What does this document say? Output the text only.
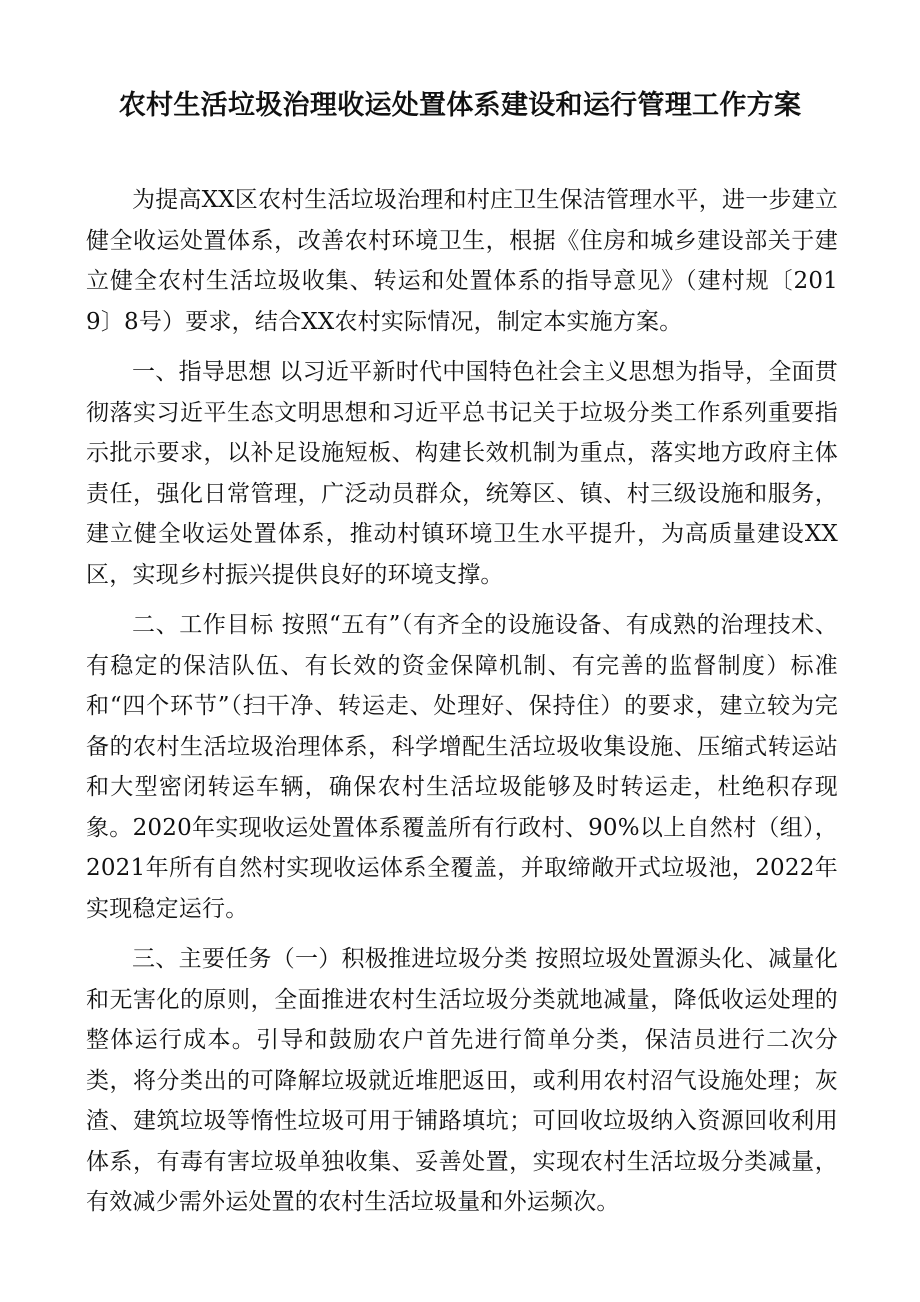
农村生活垃圾治理收运处置体系建设和运行管理工作方案

为提高XX区农村生活垃圾治理和村庄卫生保洁管理水平，进一步建立健全收运处置体系，改善农村环境卫生，根据《住房和城乡建设部关于建立健全农村生活垃圾收集、转运和处置体系的指导意见》（建村规〔2019〕8号）要求，结合XX农村实际情况，制定本实施方案。

一、指导思想 以习近平新时代中国特色社会主义思想为指导，全面贯彻落实习近平生态文明思想和习近平总书记关于垃圾分类工作系列重要指示批示要求，以补足设施短板、构建长效机制为重点，落实地方政府主体责任，强化日常管理，广泛动员群众，统筹区、镇、村三级设施和服务，建立健全收运处置体系，推动村镇环境卫生水平提升，为高质量建设XX区，实现乡村振兴提供良好的环境支撑。

二、工作目标 按照“五有”（有齐全的设施设备、有成熟的治理技术、有稳定的保洁队伍、有长效的资金保障机制、有完善的监督制度）标准和“四个环节”（扫干净、转运走、处理好、保持住）的要求，建立较为完备的农村生活垃圾治理体系，科学增配生活垃圾收集设施、压缩式转运站和大型密闭转运车辆，确保农村生活垃圾能够及时转运走，杜绝积存现象。2020年实现收运处置体系覆盖所有行政村、90%以上自然村（组），2021年所有自然村实现收运体系全覆盖，并取缔敞开式垃圾池，2022年实现稳定运行。

三、主要任务（一）积极推进垃圾分类 按照垃圾处置源头化、减量化和无害化的原则，全面推进农村生活垃圾分类就地减量，降低收运处理的整体运行成本。引导和鼓励农户首先进行简单分类，保洁员进行二次分类，将分类出的可降解垃圾就近堆肥返田，或利用农村沼气设施处理；灰渣、建筑垃圾等惰性垃圾可用于铺路填坑；可回收垃圾纳入资源回收利用体系，有毒有害垃圾单独收集、妥善处置，实现农村生活垃圾分类减量，有效减少需外运处置的农村生活垃圾量和外运频次。
